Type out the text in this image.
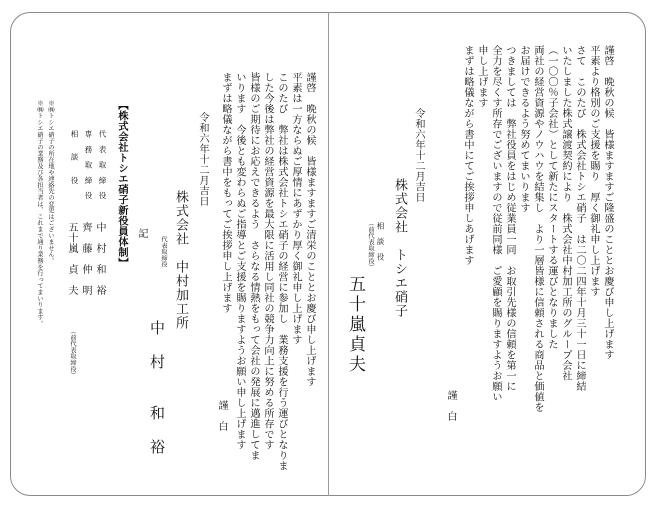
謹啓　晩秋の候　皆様ますますご隆盛のこととお慶び申し上げます
平素より格別のご支援を賜り　厚く御礼申し上げます
さて　このたび　株式会社トシエ硝子　は二〇二四年十月三十一日に締結
いたしました株式譲渡契約により　株式会社中村加工所のグループ会社
（一〇〇％子会社）として新たにスタートする運びとなりました
両社の経営資源やノウハウを結集し　より一層皆様に信頼される商品と価値を
お届けできるよう努めてまいります
つきましては　弊社役員をはじめ従業員一同　お取引先様の信頼を第一に
全力を尽くす所存でございますので従前同様　ご愛顧を賜りますようお願い
申し上げます
まずは略儀ながら書中にてご挨拶申しあげます
謹　白
令和六年十二月吉日
株式会社　トシエ硝子
相　談　役
（前代表取締役）
五十嵐貞夫
謹啓　晩秋の候　皆様ますますご清栄のこととお慶び申し上げます
平素は一方ならぬご厚情にあずかり厚く御礼申し上げます
このたび　弊社は株式会社トシエ硝子の経営に参加し　業務支援を行う運びとなりま
した今後は弊社の経営資源を最大限に活用し同社の競争力向上に努める所存です
皆様のご期待にお応えできるよう　さらなる情熱をもって会社の発展に邁進してま
いります　今後とも変わらぬご指導とご支援を賜りますようお願い申し上げます
まずは略儀ながら書中をもってご挨拶申し上げます
謹　白
令和六年十二月吉日
株式会社　中村加工所
代表取締役
中　村　　和　裕
記
【株式会社トシエ硝子新役員体制】
代　表　取　締　役
中　村　和　裕
専　務　取　締　役
齊　藤　仲　明
相　　談　　役
五十嵐　貞　夫
（前代表取締役）
※㈱トシエ硝子の所在地や連絡先の変更はございません。
※㈱トシエ硝子の業務及び各担当者は、これまで通り業務を行ってまいります。
